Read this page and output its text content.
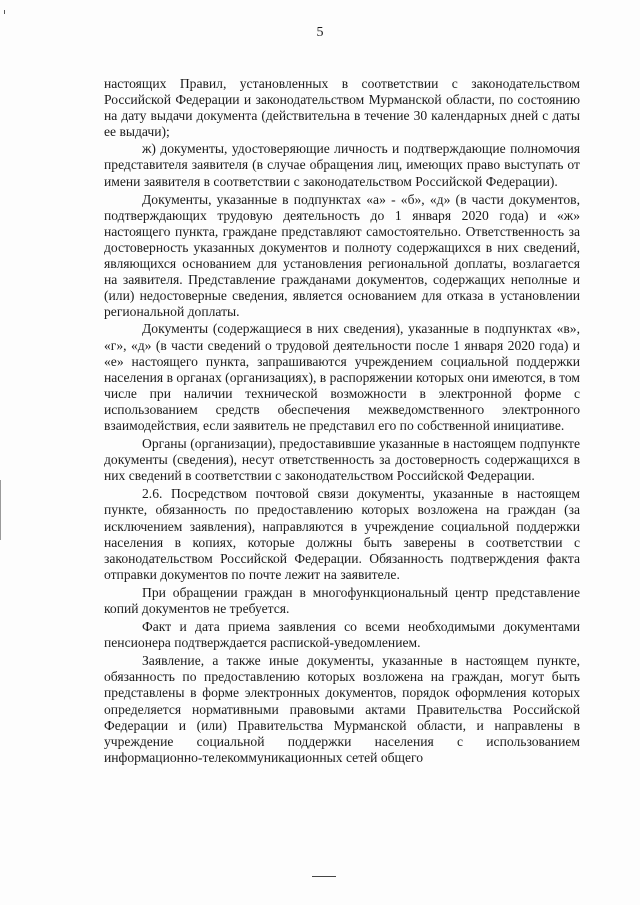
5

настоящих Правил, установленных в соответствии с законодательством Российской Федерации и законодательством Мурманской области, по состоянию на дату выдачи документа (действительна в течение 30 календарных дней с даты ее выдачи);

ж) документы, удостоверяющие личность и подтверждающие полномочия представителя заявителя (в случае обращения лиц, имеющих право выступать от имени заявителя в соответствии с законодательством Российской Федерации).

Документы, указанные в подпунктах «а» - «б», «д» (в части документов, подтверждающих трудовую деятельность до 1 января 2020 года) и «ж» настоящего пункта, граждане представляют самостоятельно. Ответственность за достоверность указанных документов и полноту содержащихся в них сведений, являющихся основанием для установления региональной доплаты, возлагается на заявителя. Представление гражданами документов, содержащих неполные и (или) недостоверные сведения, является основанием для отказа в установлении региональной доплаты.

Документы (содержащиеся в них сведения), указанные в подпунктах «в», «г», «д» (в части сведений о трудовой деятельности после 1 января 2020 года) и «е» настоящего пункта, запрашиваются учреждением социальной поддержки населения в органах (организациях), в распоряжении которых они имеются, в том числе при наличии технической возможности в электронной форме с использованием средств обеспечения межведомственного электронного взаимодействия, если заявитель не представил его по собственной инициативе.

Органы (организации), предоставившие указанные в настоящем подпункте документы (сведения), несут ответственность за достоверность содержащихся в них сведений в соответствии с законодательством Российской Федерации.

2.6. Посредством почтовой связи документы, указанные в настоящем пункте, обязанность по предоставлению которых возложена на граждан (за исключением заявления), направляются в учреждение социальной поддержки населения в копиях, которые должны быть заверены в соответствии с законодательством Российской Федерации. Обязанность подтверждения факта отправки документов по почте лежит на заявителе.

При обращении граждан в многофункциональный центр представление копий документов не требуется.

Факт и дата приема заявления со всеми необходимыми документами пенсионера подтверждается распиской-уведомлением.

Заявление, а также иные документы, указанные в настоящем пункте, обязанность по предоставлению которых возложена на граждан, могут быть представлены в форме электронных документов, порядок оформления которых определяется нормативными правовыми актами Правительства Российской Федерации и (или) Правительства Мурманской области, и направлены в учреждение социальной поддержки населения с использованием информационно-телекоммуникационных сетей общего
